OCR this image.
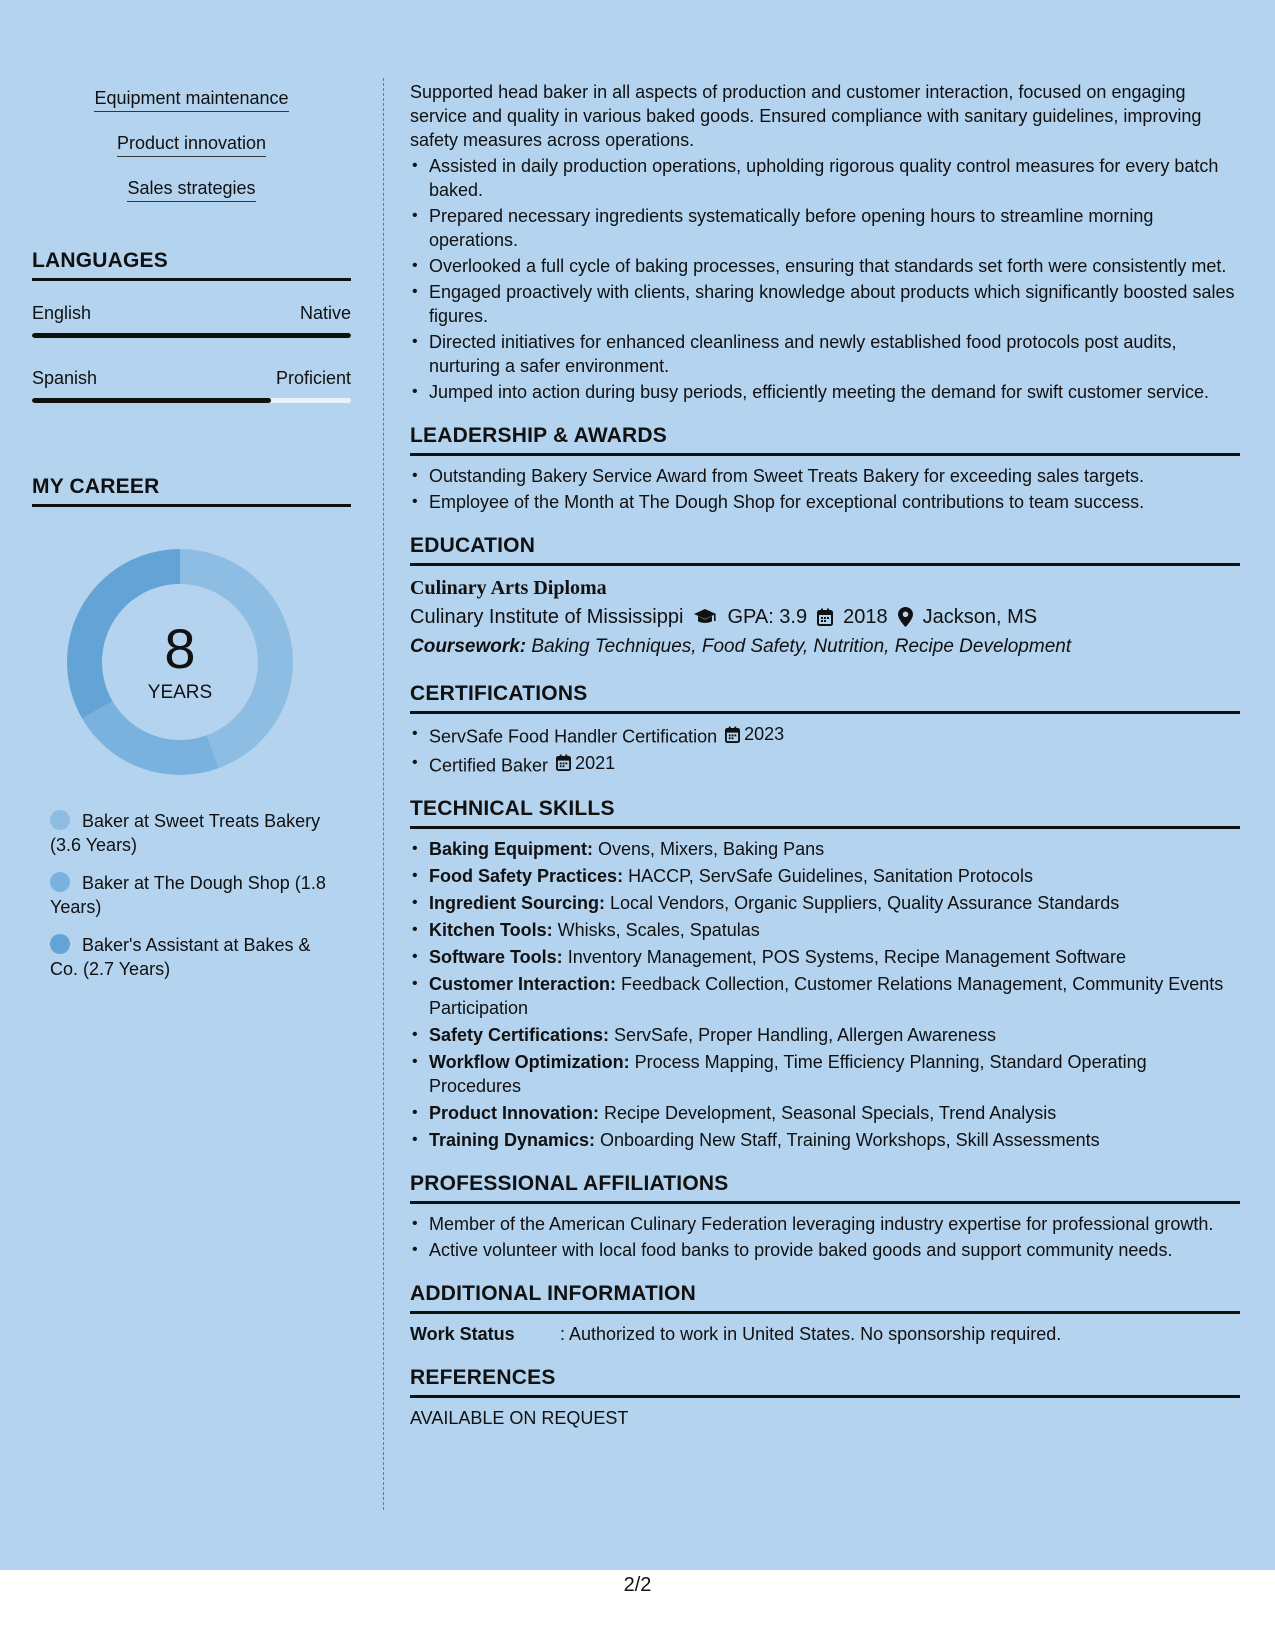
2/2
Equipment maintenance
Product innovation
Sales strategies
LANGUAGES
English	Native
Spanish	Proficient
MY CAREER
8
YEARS
Baker at Sweet Treats Bakery (3.6 Years)
Baker at The Dough Shop (1.8 Years)
Baker's Assistant at Bakes & Co. (2.7 Years)

Supported head baker in all aspects of production and customer interaction, focused on engaging service and quality in various baked goods. Ensured compliance with sanitary guidelines, improving safety measures across operations.

• Assisted in daily production operations, upholding rigorous quality control measures for every batch baked.
• Prepared necessary ingredients systematically before opening hours to streamline morning operations.
• Overlooked a full cycle of baking processes, ensuring that standards set forth were consistently met.
• Engaged proactively with clients, sharing knowledge about products which significantly boosted sales figures.
• Directed initiatives for enhanced cleanliness and newly established food protocols post audits, nurturing a safer environment.
• Jumped into action during busy periods, efficiently meeting the demand for swift customer service.
LEADERSHIP & AWARDS
• Outstanding Bakery Service Award from Sweet Treats Bakery for exceeding sales targets.
• Employee of the Month at The Dough Shop for exceptional contributions to team success.
EDUCATION
Culinary Arts Diploma
Culinary Institute of Mississippi GPA: 3.9 2018 Jackson, MS
Coursework: Baking Techniques, Food Safety, Nutrition, Recipe Development
CERTIFICATIONS
• ServSafe Food Handler Certification 2023
• Certified Baker 2021
TECHNICAL SKILLS
• Baking Equipment: Ovens, Mixers, Baking Pans
• Food Safety Practices: HACCP, ServSafe Guidelines, Sanitation Protocols
• Ingredient Sourcing: Local Vendors, Organic Suppliers, Quality Assurance Standards
• Kitchen Tools: Whisks, Scales, Spatulas
• Software Tools: Inventory Management, POS Systems, Recipe Management Software
• Customer Interaction: Feedback Collection, Customer Relations Management, Community Events Participation
• Safety Certifications: ServSafe, Proper Handling, Allergen Awareness
• Workflow Optimization: Process Mapping, Time Efficiency Planning, Standard Operating Procedures
• Product Innovation: Recipe Development, Seasonal Specials, Trend Analysis
• Training Dynamics: Onboarding New Staff, Training Workshops, Skill Assessments
PROFESSIONAL AFFILIATIONS
• Member of the American Culinary Federation leveraging industry expertise for professional growth.
• Active volunteer with local food banks to provide baked goods and support community needs.
ADDITIONAL INFORMATION
Work Status	: Authorized to work in United States. No sponsorship required.
REFERENCES
AVAILABLE ON REQUEST
